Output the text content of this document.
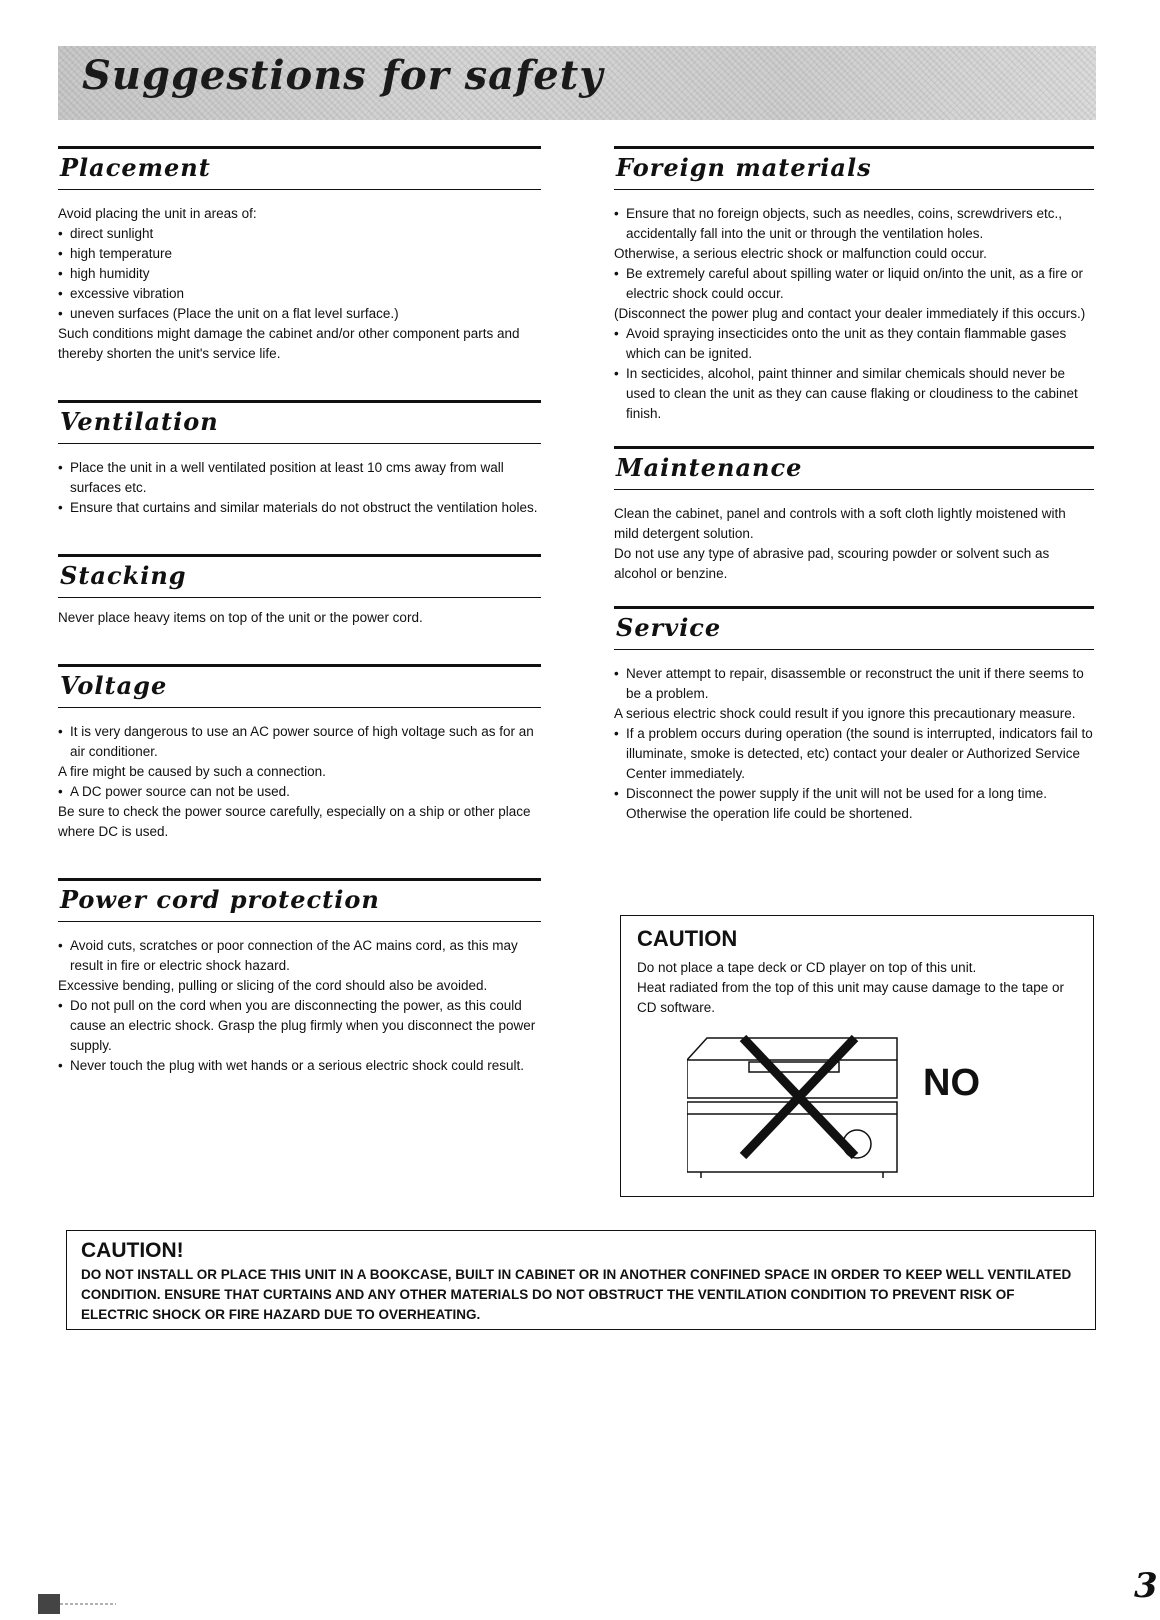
Suggestions for safety
Placement

Avoid placing the unit in areas of:

• direct sunlight
• high temperature
• high humidity
• excessive vibration
• uneven surfaces (Place the unit on a flat level surface.)

Such conditions might damage the cabinet and/or other component parts and thereby shorten the unit's service life.

Ventilation
• Place the unit in a well ventilated position at least 10 cms away from wall surfaces etc.
• Ensure that curtains and similar materials do not obstruct the ventilation holes.
Stacking

Never place heavy items on top of the unit or the power cord.

Voltage
• It is very dangerous to use an AC power source of high voltage such as for an air conditioner.
A fire might be caused by such a connection.
• A DC power source can not be used.
Be sure to check the power source carefully, especially on a ship or other place where DC is used.
Power cord protection
• Avoid cuts, scratches or poor connection of the AC mains cord, as this may result in fire or electric shock hazard.
Excessive bending, pulling or slicing of the cord should also be avoided.
• Do not pull on the cord when you are disconnecting the power, as this could cause an electric shock. Grasp the plug firmly when you disconnect the power supply.
• Never touch the plug with wet hands or a serious electric shock could result.
Foreign materials
• Ensure that no foreign objects, such as needles, coins, screwdrivers etc., accidentally fall into the unit or through the ventilation holes.
Otherwise, a serious electric shock or malfunction could occur.
• Be extremely careful about spilling water or liquid on/into the unit, as a fire or electric shock could occur.
(Disconnect the power plug and contact your dealer immediately if this occurs.)
• Avoid spraying insecticides onto the unit as they contain flammable gases which can be ignited.
• In secticides, alcohol, paint thinner and similar chemicals should never be used to clean the unit as they can cause flaking or cloudiness to the cabinet finish.
Maintenance

Clean the cabinet, panel and controls with a soft cloth lightly moistened with mild detergent solution.

Do not use any type of abrasive pad, scouring powder or solvent such as alcohol or benzine.

Service
• Never attempt to repair, disassemble or reconstruct the unit if there seems to be a problem.
A serious electric shock could result if you ignore this precautionary measure.
• If a problem occurs during operation (the sound is interrupted, indicators fail to illuminate, smoke is detected, etc) contact your dealer or Authorized Service Center immediately.
• Disconnect the power supply if the unit will not be used for a long time. Otherwise the operation life could be shortened.
CAUTION

Do not place a tape deck or CD player on top of this unit.

Heat radiated from the top of this unit may cause damage to the tape or CD software.

NO
CAUTION!
DO NOT INSTALL OR PLACE THIS UNIT IN A BOOKCASE, BUILT IN CABINET OR IN ANOTHER CONFINED SPACE IN ORDER TO KEEP WELL VENTILATED CONDITION. ENSURE THAT CURTAINS AND ANY OTHER MATERIALS DO NOT OBSTRUCT THE VENTILATION CONDITION TO PREVENT RISK OF ELECTRIC SHOCK OR FIRE HAZARD DUE TO OVERHEATING.
3
